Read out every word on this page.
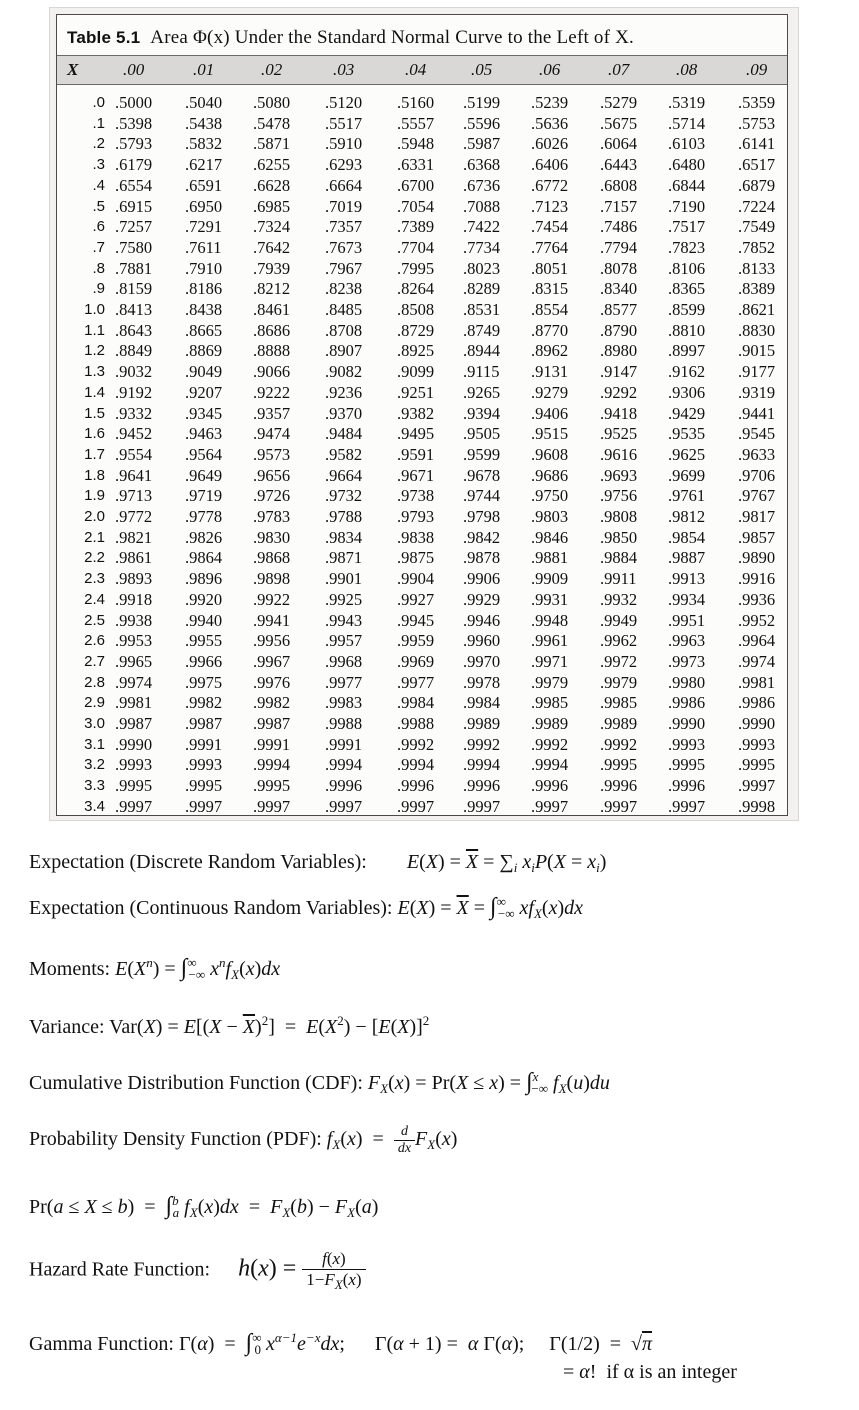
Table 5.1 Area Φ(x) Under the Standard Normal Curve to the Left of X.
X	.00	.01	.02	.03	.04	.05	.06	.07	.08	.09
.0 .5000 .5040 .5080 .5120 .5160 .5199 .5239 .5279 .5319 .5359
.1 .5398 .5438 .5478 .5517 .5557 .5596 .5636 .5675 .5714 .5753
.2 .5793 .5832 .5871 .5910 .5948 .5987 .6026 .6064 .6103 .6141
.3 .6179 .6217 .6255 .6293 .6331 .6368 .6406 .6443 .6480 .6517
.4 .6554 .6591 .6628 .6664 .6700 .6736 .6772 .6808 .6844 .6879
.5 .6915 .6950 .6985 .7019 .7054 .7088 .7123 .7157 .7190 .7224
.6 .7257 .7291 .7324 .7357 .7389 .7422 .7454 .7486 .7517 .7549
.7 .7580 .7611 .7642 .7673 .7704 .7734 .7764 .7794 .7823 .7852
.8 .7881 .7910 .7939 .7967 .7995 .8023 .8051 .8078 .8106 .8133
.9 .8159 .8186 .8212 .8238 .8264 .8289 .8315 .8340 .8365 .8389
1.0 .8413 .8438 .8461 .8485 .8508 .8531 .8554 .8577 .8599 .8621
1.1 .8643 .8665 .8686 .8708 .8729 .8749 .8770 .8790 .8810 .8830
1.2 .8849 .8869 .8888 .8907 .8925 .8944 .8962 .8980 .8997 .9015
1.3 .9032 .9049 .9066 .9082 .9099 .9115 .9131 .9147 .9162 .9177
1.4 .9192 .9207 .9222 .9236 .9251 .9265 .9279 .9292 .9306 .9319
1.5 .9332 .9345 .9357 .9370 .9382 .9394 .9406 .9418 .9429 .9441
1.6 .9452 .9463 .9474 .9484 .9495 .9505 .9515 .9525 .9535 .9545
1.7 .9554 .9564 .9573 .9582 .9591 .9599 .9608 .9616 .9625 .9633
1.8 .9641 .9649 .9656 .9664 .9671 .9678 .9686 .9693 .9699 .9706
1.9 .9713 .9719 .9726 .9732 .9738 .9744 .9750 .9756 .9761 .9767
2.0 .9772 .9778 .9783 .9788 .9793 .9798 .9803 .9808 .9812 .9817
2.1 .9821 .9826 .9830 .9834 .9838 .9842 .9846 .9850 .9854 .9857
2.2 .9861 .9864 .9868 .9871 .9875 .9878 .9881 .9884 .9887 .9890
2.3 .9893 .9896 .9898 .9901 .9904 .9906 .9909 .9911 .9913 .9916
2.4 .9918 .9920 .9922 .9925 .9927 .9929 .9931 .9932 .9934 .9936
2.5 .9938 .9940 .9941 .9943 .9945 .9946 .9948 .9949 .9951 .9952
2.6 .9953 .9955 .9956 .9957 .9959 .9960 .9961 .9962 .9963 .9964
2.7 .9965 .9966 .9967 .9968 .9969 .9970 .9971 .9972 .9973 .9974
2.8 .9974 .9975 .9976 .9977 .9977 .9978 .9979 .9979 .9980 .9981
2.9 .9981 .9982 .9982 .9983 .9984 .9984 .9985 .9985 .9986 .9986
3.0 .9987 .9987 .9987 .9988 .9988 .9989 .9989 .9989 .9990 .9990
3.1 .9990 .9991 .9991 .9991 .9992 .9992 .9992 .9992 .9993 .9993
3.2 .9993 .9993 .9994 .9994 .9994 .9994 .9994 .9995 .9995 .9995
3.3 .9995 .9995 .9995 .9996 .9996 .9996 .9996 .9996 .9996 .9997
3.4 .9997 .9997 .9997 .9997 .9997 .9997 .9997 .9997 .9997 .9998
Expectation (Discrete Random Variables): $E(X) = \overline{X} = \sum_i$ $x_iP(X = x_i)$
Expectation (Continuous Random Variables): $E(X) = \overline{X} = \int^\infty_{-\infty}$ $xf_X(x)dx$
Moments: $E(X^n) = \int^\infty_{-\infty}$ $x^nf_X(x)dx$
Variance: $Var(X) = E[(X - \overline{X})^2] = E(X^2) - [E(X)]^2$
Cumulative Distribution Function (CDF): $F_X(x) = Pr(X \le x) = \int^x_{-\infty}$ $f_X(u)du$
Probability Density Function (PDF): $f_X(x) = \frac{d}{dx} F_X(x)$
Pr(a ≤ X ≤ b)  =  ∫$^b_a$ $f_X(x)dx = F_X(b) - F_X(a)$
Hazard Rate Function: $h(x) = \frac{f(x)}{1-F_X(x)}$
Gamma Function: $\Gamma(\alpha) = \int^\infty_0$ $x^{\alpha-1}e^{-x}dx$;      Γ(α + 1) =  α Γ(α);     Γ(1/2)  =  √π
= α!  if α is an integer
